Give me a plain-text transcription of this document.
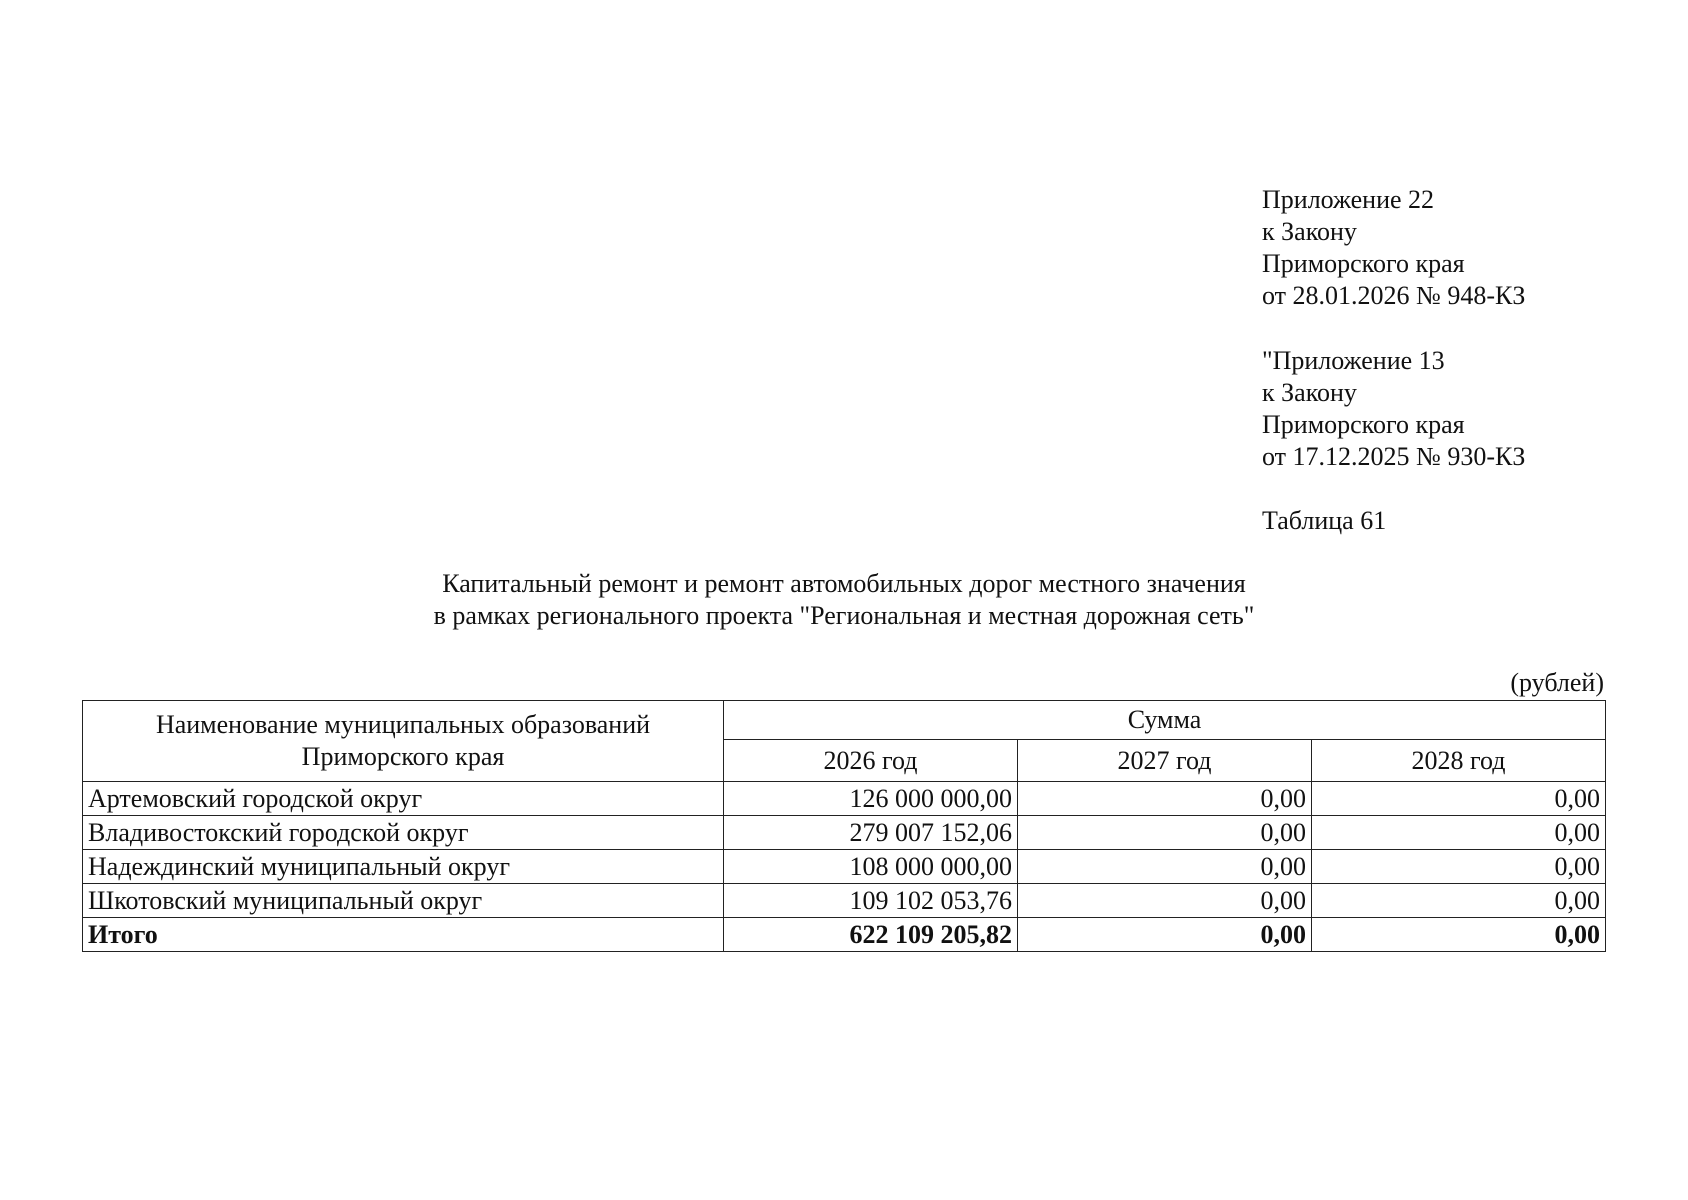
Приложение 22
к Закону
Приморского края
от 28.01.2026 № 948-КЗ
"Приложение 13
к Закону
Приморского края
от 17.12.2025 № 930-КЗ
Таблица 61
Капитальный ремонт и ремонт автомобильных дорог местного значения
в рамках регионального проекта "Региональная и местная дорожная сеть"
(рублей)
Наименование муниципальных образований Приморского края	Сумма		
	2026 год	2027 год	2028 год
Артемовский городской округ	126 000 000,00	0,00	0,00
Владивостокский городской округ	279 007 152,06	0,00	0,00
Надеждинский муниципальный округ	108 000 000,00	0,00	0,00
Шкотовский муниципальный округ	109 102 053,76	0,00	0,00
Итого	622 109 205,82	0,00	0,00
